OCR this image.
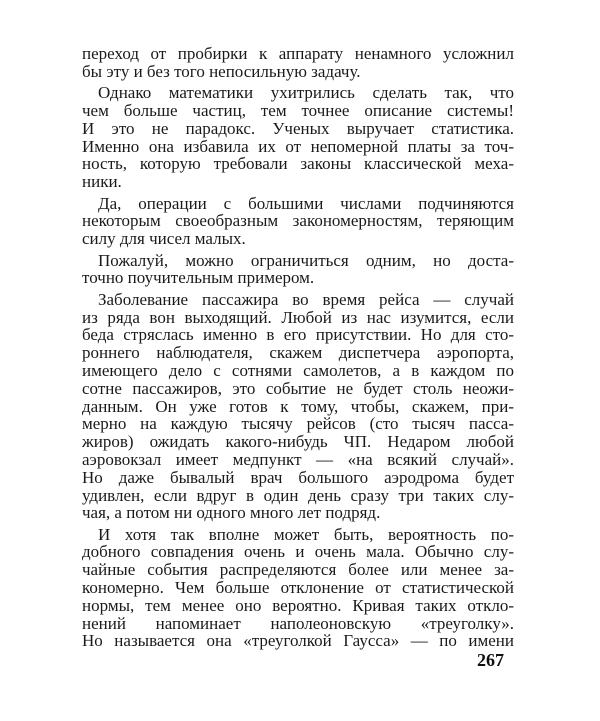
переход от пробирки к аппарату ненамного усложнил
бы эту и без того непосильную задачу.
Однако математики ухитрились сделать так, что
чем больше частиц, тем точнее описание системы!
И это не парадокс. Ученых выручает статистика.
Именно она избавила их от непомерной платы за точ-
ность, которую требовали законы классической меха-
ники.
Да, операции с большими числами подчиняются
некоторым своеобразным закономерностям, теряющим
силу для чисел малых.
Пожалуй, можно ограничиться одним, но доста-
точно поучительным примером.
Заболевание пассажира во время рейса — случай
из ряда вон выходящий. Любой из нас изумится, если
беда стряслась именно в его присутствии. Но для сто-
роннего наблюдателя, скажем диспетчера аэропорта,
имеющего дело с сотнями самолетов, а в каждом по
сотне пассажиров, это событие не будет столь неожи-
данным. Он уже готов к тому, чтобы, скажем, при-
мерно на каждую тысячу рейсов (сто тысяч пасса-
жиров) ожидать какого-нибудь ЧП. Недаром любой
аэровокзал имеет медпункт — «на всякий случай».
Но даже бывалый врач большого аэродрома будет
удивлен, если вдруг в один день сразу три таких слу-
чая, а потом ни одного много лет подряд.
И хотя так вполне может быть, вероятность по-
добного совпадения очень и очень мала. Обычно слу-
чайные события распределяются более или менее за-
кономерно. Чем больше отклонение от статистической
нормы, тем менее оно вероятно. Кривая таких откло-
нений напоминает наполеоновскую «треуголку».
Но называется она «треуголкой Гаусса» — по имени
267
